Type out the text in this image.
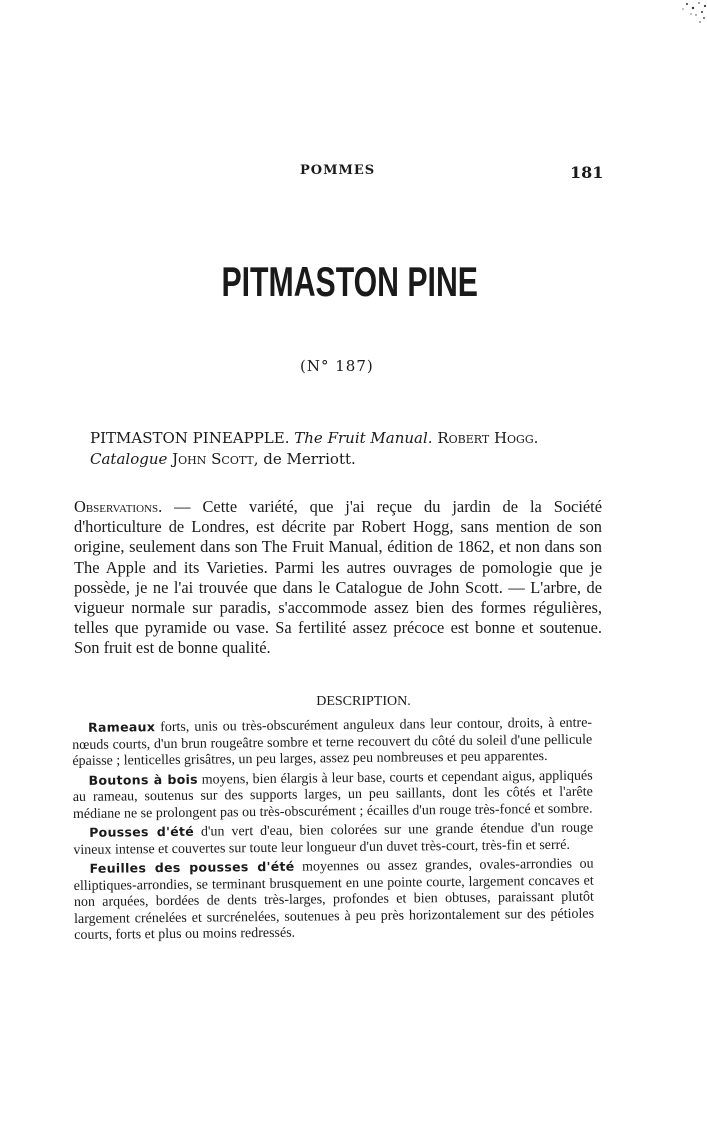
POMMES	181
PITMASTON PINE
(N° 187)
PITMASTON PINEAPPLE. The Fruit Manual. Robert Hogg.
Catalogue John Scott, de Merriott.
Observations. — Cette variété, que j'ai reçue du jardin de la Société d'horticulture de Londres, est décrite par Robert Hogg, sans mention de son origine, seulement dans son The Fruit Manual, édition de 1862, et non dans son The Apple and its Varieties. Parmi les autres ouvrages de pomologie que je possède, je ne l'ai trouvée que dans le Catalogue de John Scott. — L'arbre, de vigueur normale sur paradis, s'accommode assez bien des formes régulières, telles que pyramide ou vase. Sa fertilité assez précoce est bonne et soutenue. Son fruit est de bonne qualité.
DESCRIPTION.

Rameaux forts, unis ou très-obscurément anguleux dans leur contour, droits, à entre-nœuds courts, d'un brun rougeâtre sombre et terne recouvert du côté du soleil d'une pellicule épaisse ; lenticelles grisâtres, un peu larges, assez peu nombreuses et peu apparentes.

Boutons à bois moyens, bien élargis à leur base, courts et cependant aigus, appliqués au rameau, soutenus sur des supports larges, un peu saillants, dont les côtés et l'arête médiane ne se prolongent pas ou très-obscurément ; écailles d'un rouge très-foncé et sombre.

Pousses d'été d'un vert d'eau, bien colorées sur une grande étendue d'un rouge vineux intense et couvertes sur toute leur longueur d'un duvet très-court, très-fin et serré.

Feuilles des pousses d'été moyennes ou assez grandes, ovales-arrondies ou elliptiques-arrondies, se terminant brusquement en une pointe courte, largement concaves et non arquées, bordées de dents très-larges, profondes et bien obtuses, paraissant plutôt largement crénelées et surcrénelées, soutenues à peu près horizontalement sur des pétioles courts, forts et plus ou moins redressés.
